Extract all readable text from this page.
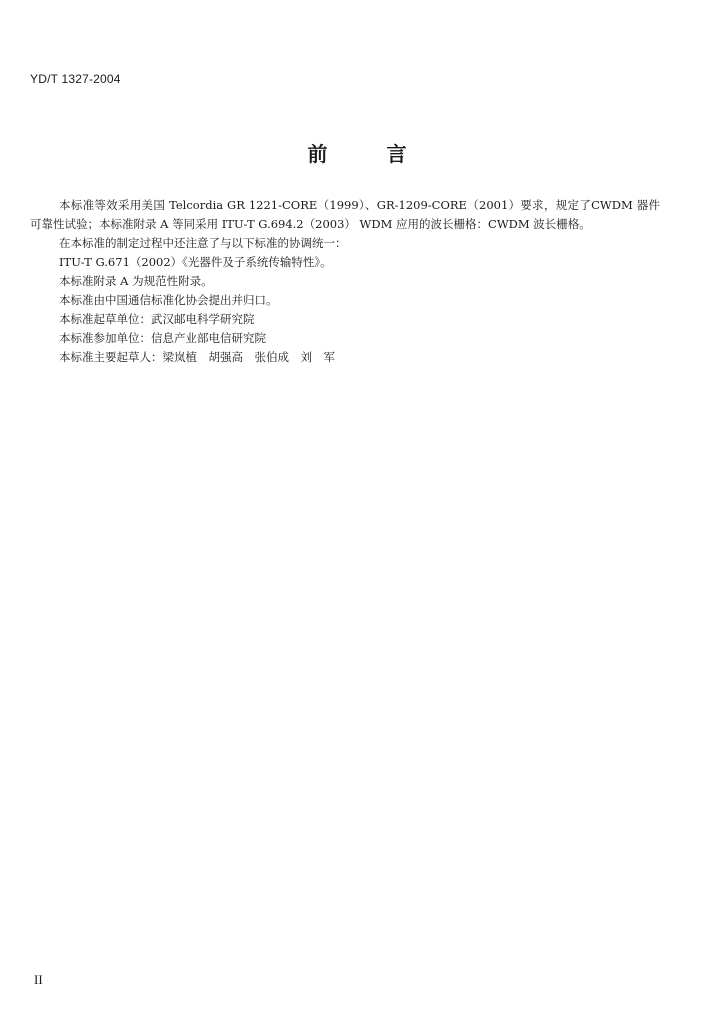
YD/T 1327-2004
前 言

本标准等效采用美国 Telcordia GR 1221-CORE（1999）、GR-1209-CORE（2001）要求，规定了CWDM 器件可靠性试验；本标准附录 A 等同采用 ITU-T G.694.2（2003） WDM 应用的波长栅格：CWDM 波长栅格。

在本标准的制定过程中还注意了与以下标准的协调统一：

ITU-T G.671（2002）《光器件及子系统传输特性》。

本标准附录 A 为规范性附录。

本标准由中国通信标准化协会提出并归口。

本标准起草单位：武汉邮电科学研究院

本标准参加单位：信息产业部电信研究院

本标准主要起草人：梁岚植　胡强高　张伯成　刘　军

II
